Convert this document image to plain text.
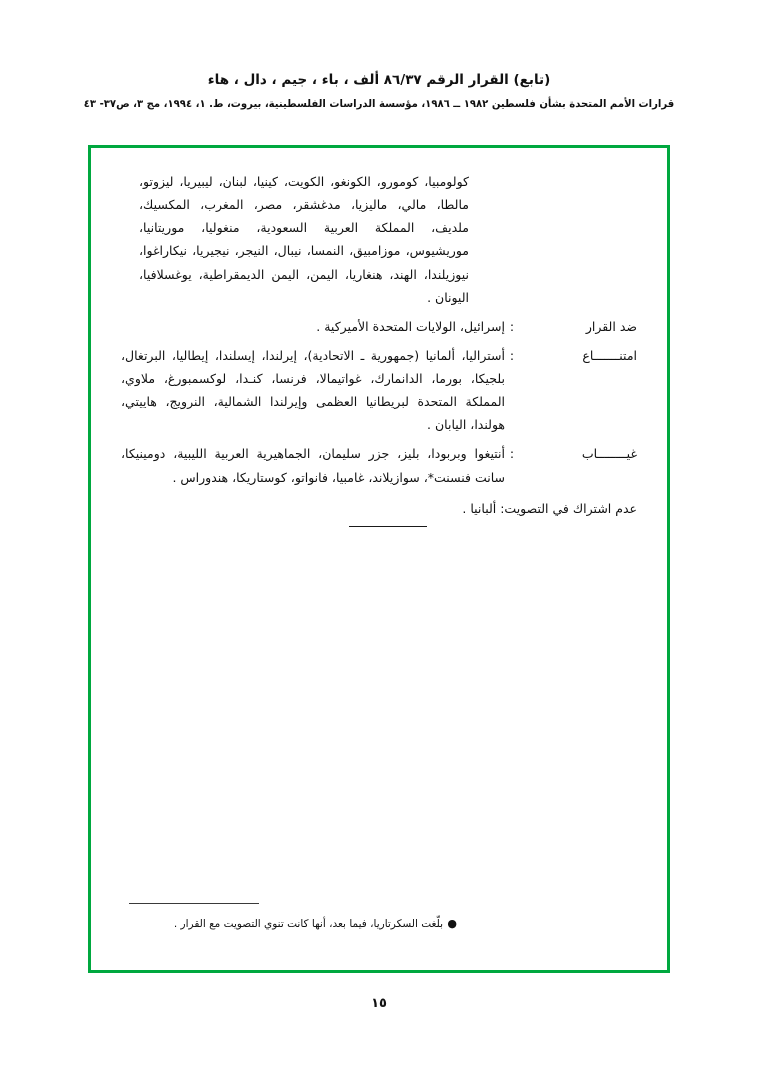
(تابع) القرار الرقم ٨٦/٣٧ ألف ، باء ، جيم ، دال ، هاء
قرارات الأمم المتحدة بشأن فلسطين ١٩٨٢ ــ ١٩٨٦، مؤسسة الدراسات الفلسطينية، بيروت، ط. ١، ١٩٩٤، مج ٣، ص٣٧- ٤٣
كولومبيا، كومورو، الكونغو، الكويت، كينيا، لبنان، ليبيريا، ليزوتو، مالطا، مالي، ماليزيا، مدغشقر، مصر، المغرب، المكسيك، ملديف، المملكة العربية السعودية، منغوليا، موريتانيا، موريشيوس، موزامبيق، النمسا، نيبال، النيجر، نيجيريا، نيكاراغوا، نيوزيلندا، الهند، هنغاريا، اليمن، اليمن الديمقراطية، يوغسلافيا، اليونان .
ضد القرار
:
إسرائيل، الولايات المتحدة الأميركية .
امتنـــــــاع
:
أستراليا، ألمانيا (جمهورية ـ الاتحادية)، إيرلندا، إيسلندا، إيطاليا، البرتغال، بلجيكا، بورما، الدانمارك، غواتيمالا، فرنسا، كنـدا، لوكسمبورغ، ملاوي، المملكة المتحدة لبريطانيا العظمى وإيرلندا الشمالية، النرويج، هاييتي، هولندا، اليابان .
غيــــــــاب
:
أنتيغوا وبربودا، بليز، جزر سليمان، الجماهيرية العربية الليبية، دومينيكا، سانت فنسنت*، سوازيلاند، غامبيا، فانواتو، كوستاريكا، هندوراس .
عدم اشتراك في التصويت: ألبانيا .
●
بلّغت السكرتاريا، فيما بعد، أنها كانت تنوي التصويت مع القرار .
١٥
